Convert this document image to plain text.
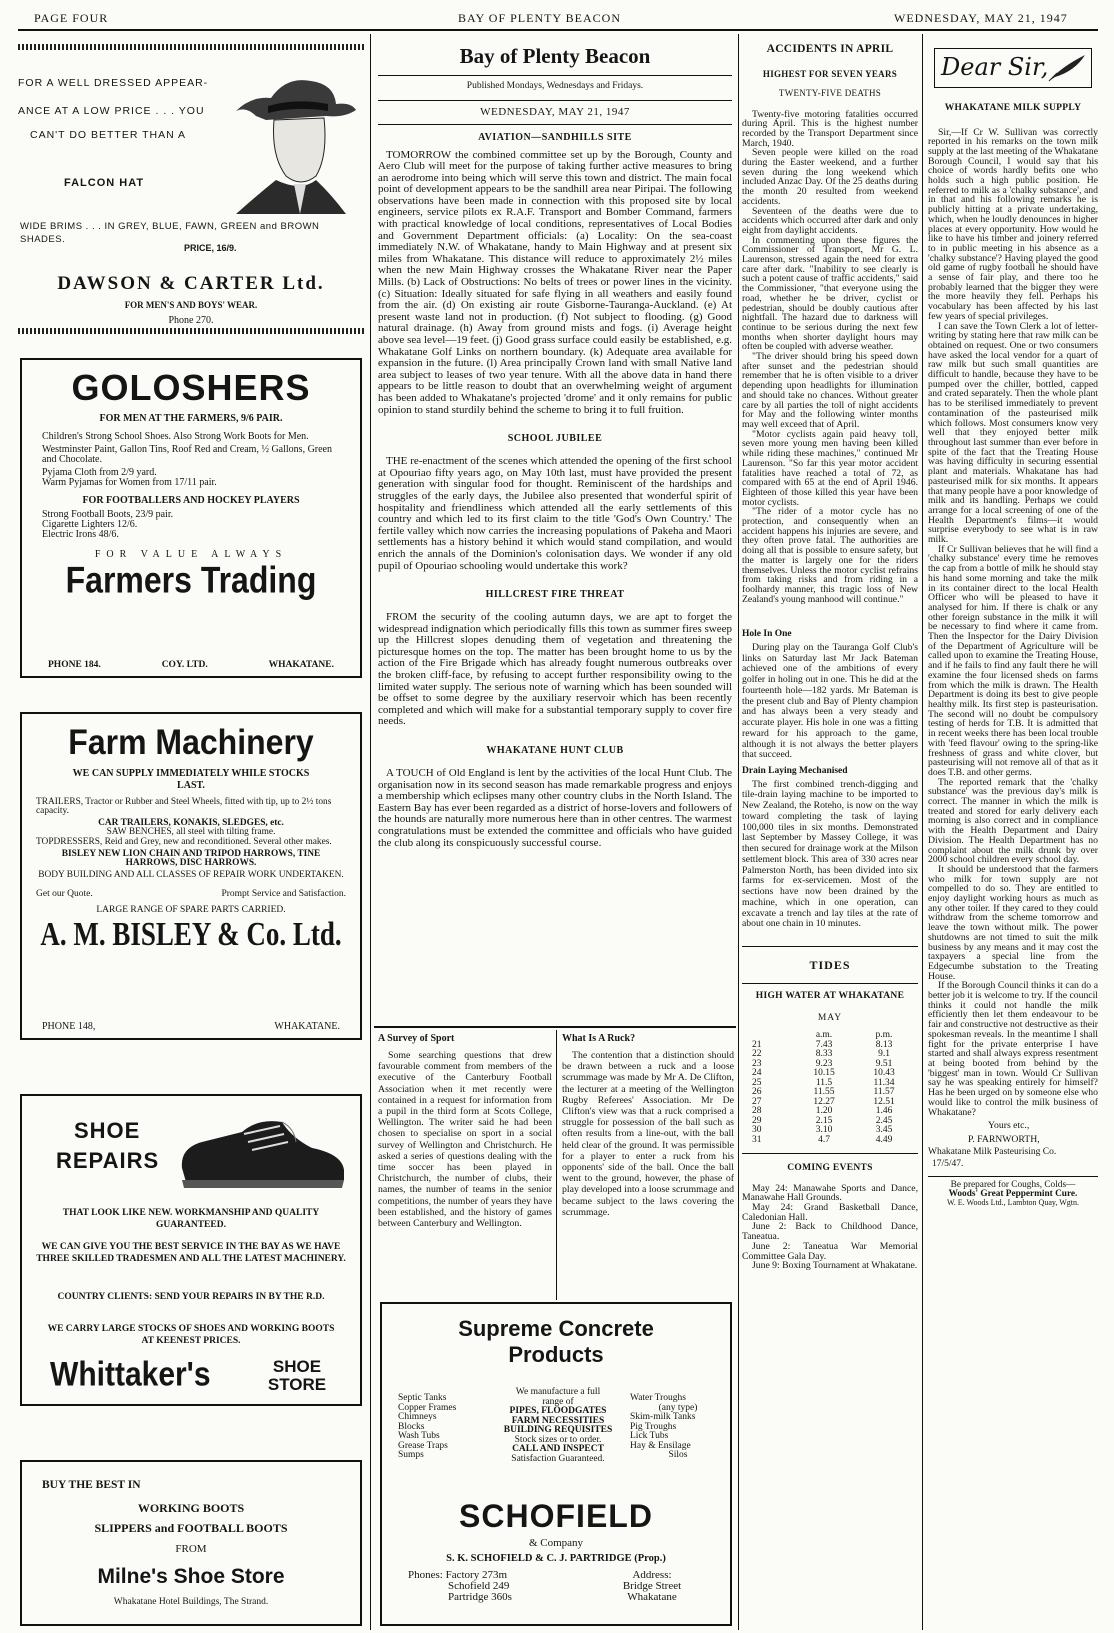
PAGE FOUR	BAY OF PLENTY BEACON	WEDNESDAY, MAY 21, 1947
FOR A WELL DRESSED APPEAR-
ANCE AT A LOW PRICE . . . YOU
CAN'T DO BETTER THAN A
FALCON HAT
WIDE BRIMS . . . IN GREY, BLUE, FAWN, GREEN and BROWN SHADES.
PRICE, 16/9.
DAWSON & CARTER Ltd.
FOR MEN'S AND BOYS' WEAR.
Phone 270.
GOLOSHERS
FOR MEN AT THE FARMERS, 9/6 PAIR.
Children's Strong School Shoes. Also Strong Work Boots for Men.
Westminster Paint, Gallon Tins, Roof Red and Cream, ½ Gallons, Green and Chocolate.
Pyjama Cloth from 2/9 yard.
Warm Pyjamas for Women from 17/11 pair.
FOR FOOTBALLERS AND HOCKEY PLAYERS
Strong Football Boots, 23/9 pair.
Cigarette Lighters 12/6.
Electric Irons 48/6.
FOR VALUE ALWAYS
Farmers Trading
PHONE 184.	COY. LTD.	WHAKATANE.
Farm Machinery
WE CAN SUPPLY IMMEDIATELY WHILE STOCKS LAST.
TRAILERS, Tractor or Rubber and Steel Wheels, fitted with tip, up to 2½ tons capacity.
CAR TRAILERS, KONAKIS, SLEDGES, etc.
SAW BENCHES, all steel with tilting frame.
TOPDRESSERS, Reid and Grey, new and reconditioned. Several other makes.
BISLEY NEW LION CHAIN AND TRIPOD HARROWS, TINE HARROWS, DISC HARROWS.
BODY BUILDING AND ALL CLASSES OF REPAIR WORK UNDERTAKEN.
Get our Quote.	Prompt Service and Satisfaction.
LARGE RANGE OF SPARE PARTS CARRIED.
A. M. BISLEY & Co. Ltd.
PHONE 148,	WHAKATANE.
SHOE
REPAIRS
THAT LOOK LIKE NEW. WORKMANSHIP AND QUALITY GUARANTEED.
WE CAN GIVE YOU THE BEST SERVICE IN THE BAY AS WE HAVE THREE SKILLED TRADESMEN AND ALL THE LATEST MACHINERY.
COUNTRY CLIENTS: SEND YOUR REPAIRS IN BY THE R.D.
WE CARRY LARGE STOCKS OF SHOES AND WORKING BOOTS AT KEENEST PRICES.
Whittaker's	SHOE
STORE
BUY THE BEST IN
WORKING BOOTS
SLIPPERS and FOOTBALL BOOTS
FROM
Milne's Shoe Store
Whakatane Hotel Buildings, The Strand.
Bay of Plenty Beacon
Published Mondays, Wednesdays and Fridays.
WEDNESDAY, MAY 21, 1947
AVIATION—SANDHILLS SITE
TOMORROW the combined committee set up by the Borough, County and Aero Club will meet for the purpose of taking further active measures to bring an aerodrome into being which will serve this town and district. The main focal point of development appears to be the sandhill area near Piripai. The following observations have been made in connection with this proposed site by local engineers, service pilots ex R.A.F. Transport and Bomber Command, farmers with practical knowledge of local conditions, representatives of Local Bodies and Government Department officials: (a) Locality: On the sea-coast immediately N.W. of Whakatane, handy to Main Highway and at present six miles from Whakatane. This distance will reduce to approximately 2½ miles when the new Main Highway crosses the Whakatane River near the Paper Mills. (b) Lack of Obstructions: No belts of trees or power lines in the vicinity. (c) Situation: Ideally situated for safe flying in all weathers and easily found from the air. (d) On existing air route Gisborne-Tauranga-Auckland. (e) At present waste land not in production. (f) Not subject to flooding. (g) Good natural drainage. (h) Away from ground mists and fogs. (i) Average height above sea level—19 feet. (j) Good grass surface could easily be established, e.g. Whakatane Golf Links on northern boundary. (k) Adequate area available for expansion in the future. (l) Area principally Crown land with small Native land area subject to leases of two year tenure. With all the above data in hand there appears to be little reason to doubt that an overwhelming weight of argument has been added to Whakatane's projected 'drome' and it only remains for public opinion to stand sturdily behind the scheme to bring it to full fruition.
SCHOOL JUBILEE
THE re-enactment of the scenes which attended the opening of the first school at Opouriao fifty years ago, on May 10th last, must have provided the present generation with singular food for thought. Reminiscent of the hardships and struggles of the early days, the Jubilee also presented that wonderful spirit of hospitality and friendliness which attended all the early settlements of this country and which led to its first claim to the title 'God's Own Country.' The fertile valley which now carries the increasing populations of Pakeha and Maori settlements has a history behind it which would stand compilation, and would enrich the annals of the Dominion's colonisation days. We wonder if any old pupil of Opouriao schooling would undertake this work?
HILLCREST FIRE THREAT
FROM the security of the cooling autumn days, we are apt to forget the widespread indignation which periodically fills this town as summer fires sweep up the Hillcrest slopes denuding them of vegetation and threatening the picturesque homes on the top. The matter has been brought home to us by the action of the Fire Brigade which has already fought numerous outbreaks over the broken cliff-face, by refusing to accept further responsibility owing to the limited water supply. The serious note of warning which has been sounded will be offset to some degree by the auxiliary reservoir which has been recently completed and which will make for a substantial temporary supply to cover fire needs.
WHAKATANE HUNT CLUB
A TOUCH of Old England is lent by the activities of the local Hunt Club. The organisation now in its second season has made remarkable progress and enjoys a membership which eclipses many other country clubs in the North Island. The Eastern Bay has ever been regarded as a district of horse-lovers and followers of the hounds are naturally more numerous here than in other centres. The warmest congratulations must be extended the committee and officials who have guided the club along its conspicuously successful course.
A Survey of Sport
Some searching questions that drew favourable comment from members of the executive of the Canterbury Football Association when it met recently were contained in a request for information from a pupil in the third form at Scots College, Wellington. The writer said he had been chosen to specialise on sport in a social survey of Wellington and Christchurch. He asked a series of questions dealing with the time soccer has been played in Christchurch, the number of clubs, their names, the number of teams in the senior competitions, the number of years they have been established, and the history of games between Canterbury and Wellington.
What Is A Ruck?
The contention that a distinction should be drawn between a ruck and a loose scrummage was made by Mr A. De Clifton, the lecturer at a meeting of the Wellington Rugby Referees' Association. Mr De Clifton's view was that a ruck comprised a struggle for possession of the ball such as often results from a line-out, with the ball held clear of the ground. It was permissible for a player to enter a ruck from his opponents' side of the ball. Once the ball went to the ground, however, the phase of play developed into a loose scrummage and became subject to the laws covering the scrummage.
Supreme Concrete
Products
Septic Tanks
Copper Frames
Chimneys
Blocks
Wash Tubs
Grease Traps
Sumps
We manufacture a full
range of
PIPES, FLOODGATES
FARM NECESSITIES
BUILDING REQUISITES
Stock sizes or to order.
CALL AND INSPECT
Satisfaction Guaranteed.
Water Troughs
(any type)
Skim-milk Tanks
Pig Troughs
Lick Tubs
Hay & Ensilage
Silos
SCHOFIELD
& Company
S. K. SCHOFIELD & C. J. PARTRIDGE (Prop.)
Phones: Factory 273m
Schofield 249
Partridge 360s
Address:
Bridge Street
Whakatane
ACCIDENTS IN APRIL
HIGHEST FOR SEVEN YEARS
TWENTY-FIVE DEATHS

Twenty-five motoring fatalities occurred during April. This is the highest number recorded by the Transport Department since March, 1940.

Seven people were killed on the road during the Easter weekend, and a further seven during the long weekend which included Anzac Day. Of the 25 deaths during the month 20 resulted from weekend accidents.

Seventeen of the deaths were due to accidents which occurred after dark and only eight from daylight accidents.

In commenting upon these figures the Commissioner of Transport, Mr G. L. Laurenson, stressed again the need for extra care after dark. "Inability to see clearly is such a potent cause of traffic accidents," said the Commissioner, "that everyone using the road, whether he be driver, cyclist or pedestrian, should be doubly cautious after nightfall. The hazard due to darkness will continue to be serious during the next few months when shorter daylight hours may often be coupled with adverse weather.

"The driver should bring his speed down after sunset and the pedestrian should remember that he is often visible to a driver depending upon headlights for illumination and should take no chances. Without greater care by all parties the toll of night accidents for May and the following winter months may well exceed that of April.

"Motor cyclists again paid heavy toll, seven more young men having been killed while riding these machines," continued Mr Laurenson. "So far this year motor accident fatalities have reached a total of 72, as compared with 65 at the end of April 1946. Eighteen of those killed this year have been motor cyclists.

"The rider of a motor cycle has no protection, and consequently when an accident happens his injuries are severe, and they often prove fatal. The authorities are doing all that is possible to ensure safety, but the matter is largely one for the riders themselves. Unless the motor cyclist refrains from taking risks and from riding in a foolhardy manner, this tragic loss of New Zealand's young manhood will continue."

Hole In One
During play on the Tauranga Golf Club's links on Saturday last Mr Jack Bateman achieved one of the ambitions of every golfer in holing out in one. This he did at the fourteenth hole—182 yards. Mr Bateman is the present club and Bay of Plenty champion and has always been a very steady and accurate player. His hole in one was a fitting reward for his approach to the game, although it is not always the better players that succeed.
Drain Laying Mechanised
The first combined trench-digging and tile-drain laying machine to be imported to New Zealand, the Roteho, is now on the way toward completing the task of laying 100,000 tiles in six months. Demonstrated last September by Massey College, it was then secured for drainage work at the Milson settlement block. This area of 330 acres near Palmerston North, has been divided into six farms for ex-servicemen. Most of the sections have now been drained by the machine, which in one operation, can excavate a trench and lay tiles at the rate of about one chain in 10 minutes.
TIDES
HIGH WATER AT WHAKATANE
MAY
a.m.	p.m.
21	7.43	8.13
22	8.33	9.1
23	9.23	9.51
24	10.15	10.43
25	11.5	11.34
26	11.55	11.57
27	12.27	12.51
28	1.20	1.46
29	2.15	2.45
30	3.10	3.45
31	4.7	4.49
COMING EVENTS

May 24: Manawahe Sports and Dance, Manawahe Hall Grounds.

May 24: Grand Basketball Dance, Caledonian Hall.

June 2: Back to Childhood Dance, Taneatua.

June 2: Taneatua War Memorial Committee Gala Day.

June 9: Boxing Tournament at Whakatane.

Dear Sir,
WHAKATANE MILK SUPPLY

Sir,—If Cr W. Sullivan was correctly reported in his remarks on the town milk supply at the last meeting of the Whakatane Borough Council, I would say that his choice of words hardly befits one who holds such a high public position. He referred to milk as a 'chalky substance', and in that and his following remarks he is publicly hitting at a private undertaking, which, when he loudly denounces in higher places at every opportunity. How would he like to have his timber and joinery referred to in public meeting in his absence as a 'chalky substance'? Having played the good old game of rugby football he should have a sense of fair play, and there too he probably learned that the bigger they were the more heavily they fell. Perhaps his vocabulary has been affected by his last few years of special privileges.

I can save the Town Clerk a lot of letter-writing by stating here that raw milk can be obtained on request. One or two consumers have asked the local vendor for a quart of raw milk but such small quantities are difficult to handle, because they have to be pumped over the chiller, bottled, capped and crated separately. Then the whole plant has to be sterilised immediately to prevent contamination of the pasteurised milk which follows. Most consumers know very well that they enjoyed better milk throughout last summer than ever before in spite of the fact that the Treating House was having difficulty in securing essential plant and materials. Whakatane has had pasteurised milk for six months. It appears that many people have a poor knowledge of milk and its handling. Perhaps we could arrange for a local screening of one of the Health Department's films—it would surprise everybody to see what is in raw milk.

If Cr Sullivan believes that he will find a 'chalky substance' every time he removes the cap from a bottle of milk he should stay his hand some morning and take the milk in its container direct to the local Health Officer who will be pleased to have it analysed for him. If there is chalk or any other foreign substance in the milk it will be necessary to find where it came from. Then the Inspector for the Dairy Division of the Department of Agriculture will be called upon to examine the Treating House, and if he fails to find any fault there he will examine the four licensed sheds on farms from which the milk is drawn. The Health Department is doing its best to give people healthy milk. Its first step is pasteurisation. The second will no doubt be compulsory testing of herds for T.B. It is admitted that in recent weeks there has been local trouble with 'feed flavour' owing to the spring-like freshness of grass and white clover, but pasteurising will not remove all of that as it does T.B. and other germs.

The reported remark that the 'chalky substance' was the previous day's milk is correct. The manner in which the milk is treated and stored for early delivery each morning is also correct and in compliance with the Health Department and Dairy Division. The Health Department has no complaint about the milk drunk by over 2000 school children every school day.

It should be understood that the farmers who milk for town supply are not compelled to do so. They are entitled to enjoy daylight working hours as much as any other toiler. If they cared to they could withdraw from the scheme tomorrow and leave the town without milk. The power shutdowns are not timed to suit the milk business by any means and it may cost the taxpayers a special line from the Edgecumbe substation to the Treating House.

If the Borough Council thinks it can do a better job it is welcome to try. If the council thinks it could not handle the milk efficiently then let them endeavour to be fair and constructive not destructive as their spokesman reveals. In the meantime I shall fight for the private enterprise I have started and shall always express resentment at being booted from behind by the 'biggest' man in town. Would Cr Sullivan say he was speaking entirely for himself? Has he been urged on by someone else who would like to control the milk business of Whakatane?

Yours etc.,
P. FARNWORTH,
Whakatane Milk Pasteurising Co.
17/5/47.
Be prepared for Coughs, Colds—
Woods' Great Peppermint Cure.
W. E. Woods Ltd., Lambton Quay, Wgtn.
